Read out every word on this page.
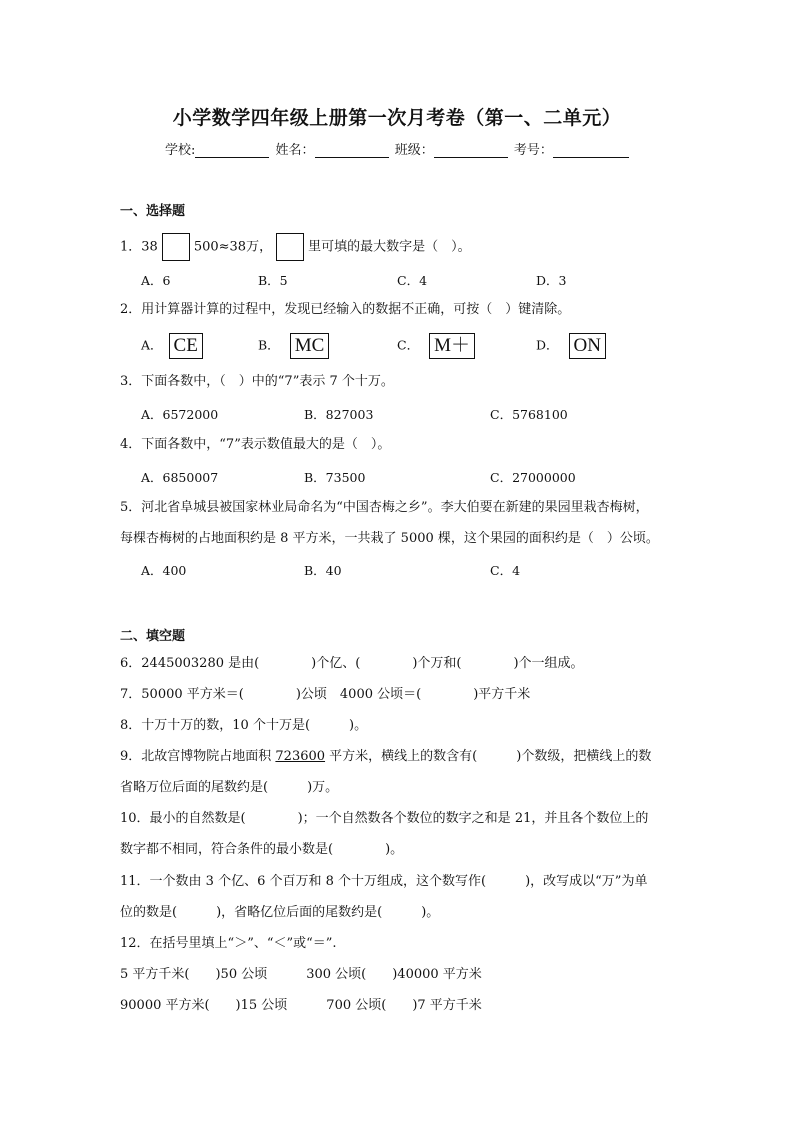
小学数学四年级上册第一次月考卷（第一、二单元）
学校:	姓名：	班级：	考号：
一、选择题
1．38	500≈38万，	里可填的最大数字是（　）。
A．6	B．5	C．4	D．3
2．用计算器计算的过程中，发现已经输入的数据不正确，可按（　）键清除。
A． CE	B． MC	C． M＋	D． ON
3．下面各数中，（　）中的“7”表示 7 个十万。
A．6572000	B．827003	C．5768100
4．下面各数中，“7”表示数值最大的是（　）。
A．6850007	B．73500	C．27000000
5．河北省阜城县被国家林业局命名为“中国杏梅之乡”。李大伯要在新建的果园里栽杏梅树，
每棵杏梅树的占地面积约是 8 平方米，一共栽了 5000 棵，这个果园的面积约是（　）公顷。
A．400	B．40	C．4
二、填空题
6．2445003280 是由(　　　　)个亿、(　　　　)个万和(　　　　)个一组成。
7．50000 平方米＝(　　　　)公顷　4000 公顷＝(　　　　)平方千米
8．十万十万的数，10 个十万是(　　　)。
9．北故宫博物院占地面积 723600 平方米，横线上的数含有(　　　)个数级，把横线上的数
省略万位后面的尾数约是(　　　)万。
10．最小的自然数是(　　　　)；一个自然数各个数位的数字之和是 21，并且各个数位上的
数字都不相同，符合条件的最小数是(　　　　)。
11．一个数由 3 个亿、6 个百万和 8 个十万组成，这个数写作(　　　)，改写成以“万”为单
位的数是(　　　)，省略亿位后面的尾数约是(　　　)。
12．在括号里填上“＞”、“＜”或“＝”.
5 平方千米(　　)50 公顷　　　300 公顷(　　)40000 平方米
90000 平方米(　　)15 公顷　　　700 公顷(　　)7 平方千米
